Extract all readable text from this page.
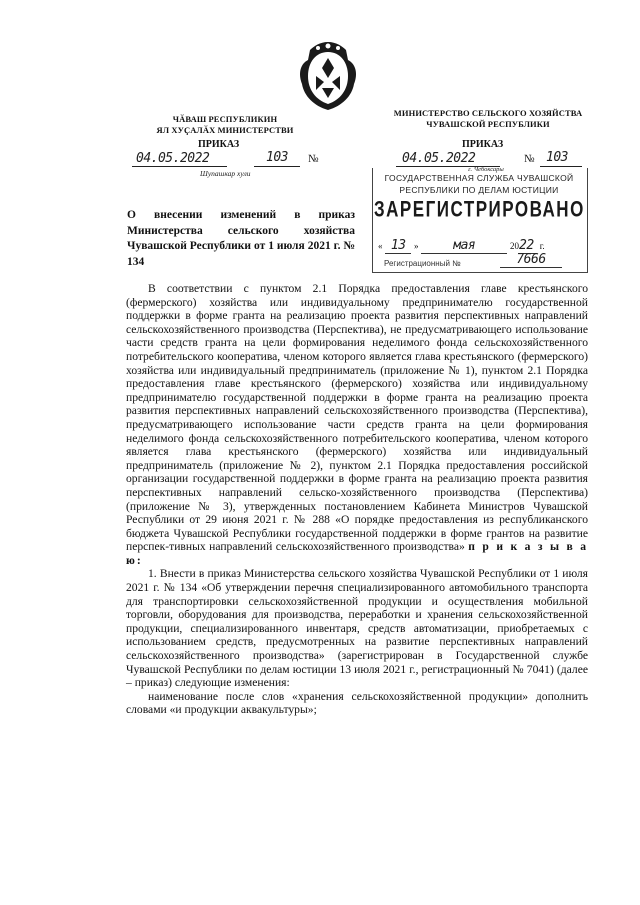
ЧӐВАШ РЕСПУБЛИКИН
ЯЛ ХУҪАЛӐХ МИНИСТЕРСТВИ
ПРИКАЗ
04.05.2022	103 №
Шупашкар хули
МИНИСТЕРСТВО СЕЛЬСКОГО ХОЗЯЙСТВА
ЧУВАШСКОЙ РЕСПУБЛИКИ
ПРИКАЗ
04.05.2022	№ 103
г. Чебоксары
ГОСУДАРСТВЕННАЯ СЛУЖБА ЧУВАШСКОЙ
РЕСПУБЛИКИ ПО ДЕЛАМ ЮСТИЦИИ
ЗАРЕГИСТРИРОВАНО
« 13 »	мая	2022 г.
Регистрационный №	7666
О внесении изменений в приказ Министерства сельского хозяйства Чувашской Республики от 1 июля 2021 г. № 134

В соответствии с пунктом 2.1 Порядка предоставления главе крестьянского (фермерского) хозяйства или индивидуальному предпринимателю государственной поддержки в форме гранта на реализацию проекта развития перспективных направлений сельскохозяйственного производства (Перспектива), не предусматривающего использование части средств гранта на цели формирования неделимого фонда сельскохозяйственного потребительского кооператива, членом которого является глава крестьянского (фермерского) хозяйства или индивидуальный предприниматель (приложение № 1), пунктом 2.1 Порядка предоставления главе крестьянского (фермерского) хозяйства или индивидуальному предпринимателю государственной поддержки в форме гранта на реализацию проекта развития перспективных направлений сельскохозяйственного производства (Перспектива), предусматривающего использование части средств гранта на цели формирования неделимого фонда сельскохозяйственного потребительского кооператива, членом которого является глава крестьянского (фермерского) хозяйства или индивидуальный предприниматель (приложение № 2), пунктом 2.1 Порядка предоставления российской организации государственной поддержки в форме гранта на реализацию проекта развития перспективных направлений сельско-хозяйственного производства (Перспектива) (приложение № 3), утвержденных постановлением Кабинета Министров Чувашской Республики от 29 июня 2021 г. № 288 «О порядке предоставления из республиканского бюджета Чувашской Республики государственной поддержки в форме грантов на развитие перспек-тивных направлений сельскохозяйственного производства» п р и к а з ы в а ю:

1. Внести в приказ Министерства сельского хозяйства Чувашской Республики от 1 июля 2021 г. № 134 «Об утверждении перечня специализированного автомобильного транспорта для транспортировки сельскохозяйственной продукции и осуществления мобильной торговли, оборудования для производства, переработки и хранения сельскохозяйственной продукции, специализированного инвентаря, средств автоматизации, приобретаемых с использованием средств, предусмотренных на развитие перспективных направлений сельскохозяйственного производства» (зарегистрирован в Государственной службе Чувашской Республики по делам юстиции 13 июля 2021 г., регистрационный № 7041) (далее – приказ) следующие изменения:

наименование после слов «хранения сельскохозяйственной продукции» дополнить словами «и продукции аквакультуры»;
